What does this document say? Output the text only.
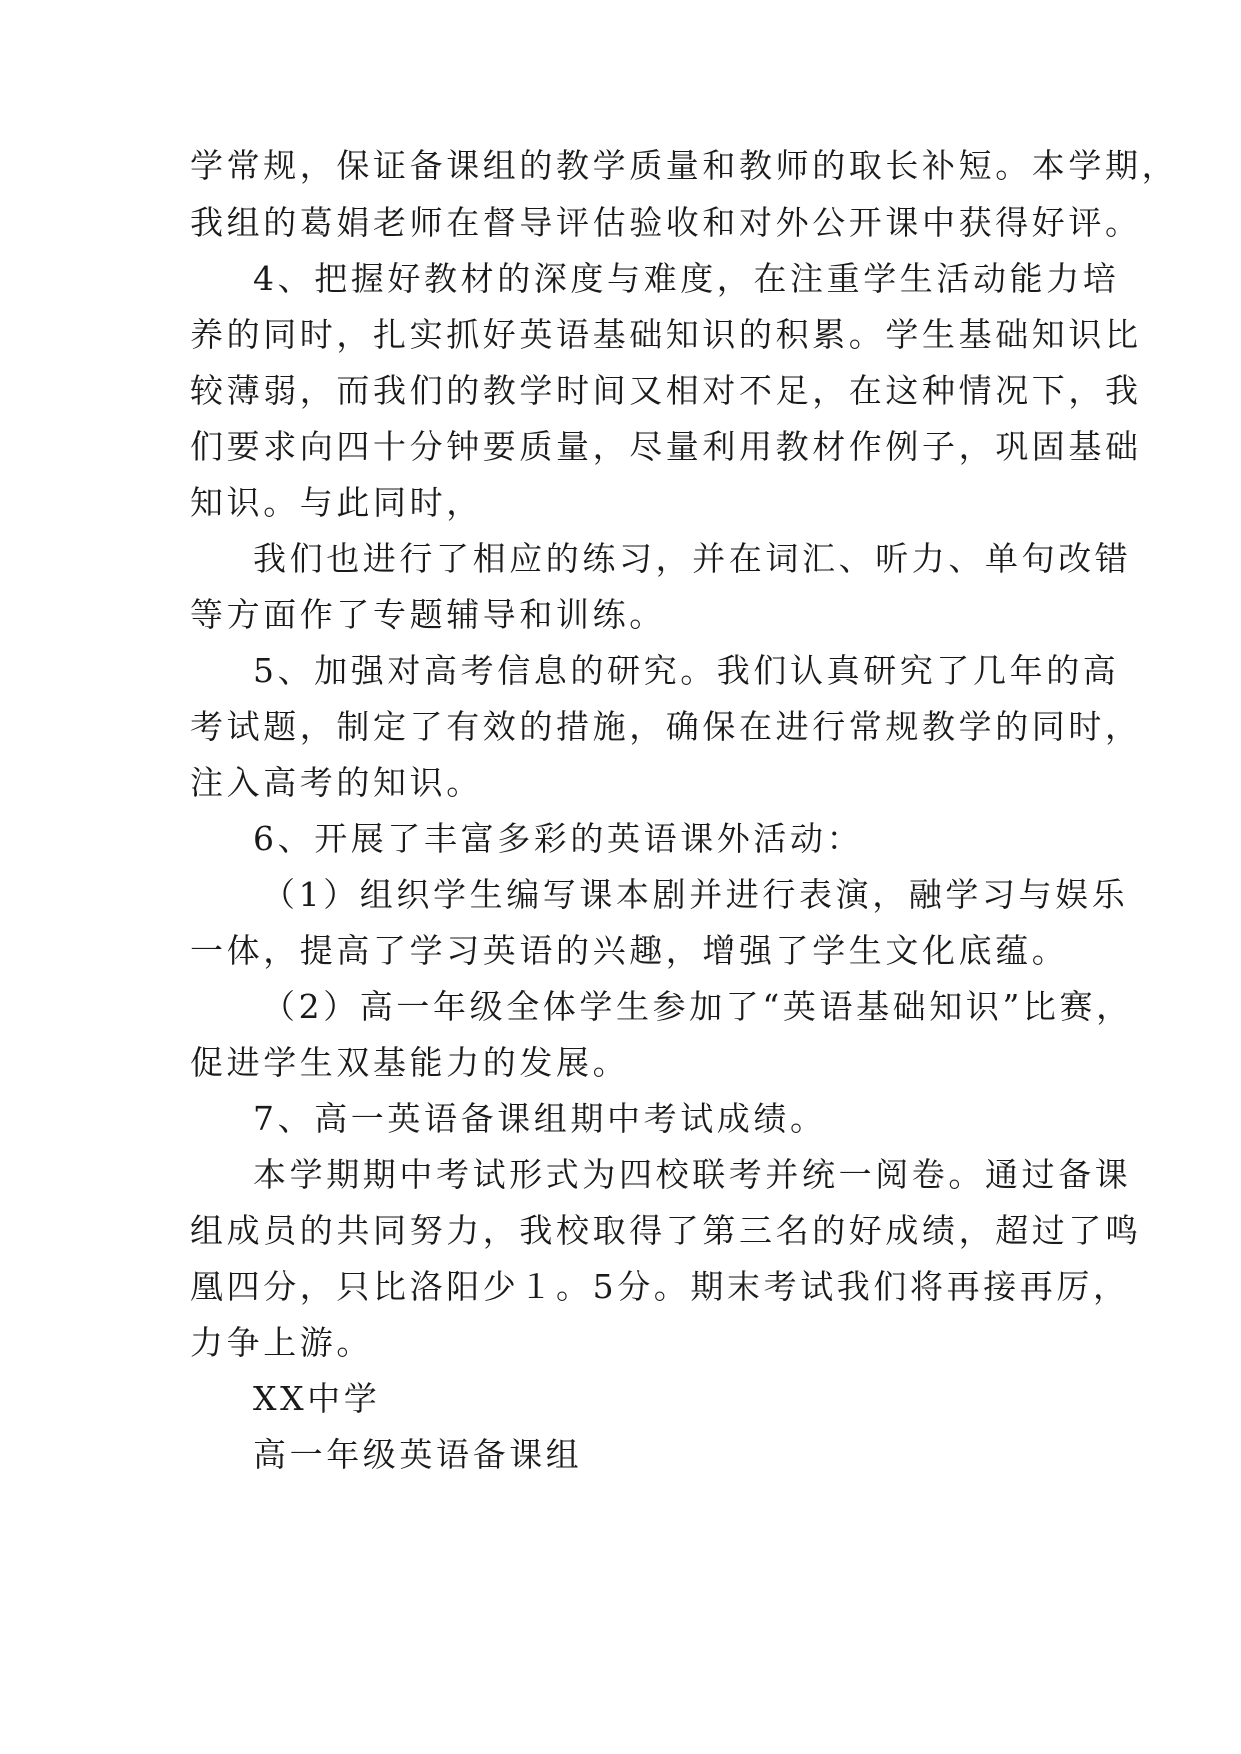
学常规，保证备课组的教学质量和教师的取长补短。本学期，
我组的葛娟老师在督导评估验收和对外公开课中获得好评。
4、把握好教材的深度与难度，在注重学生活动能力培
养的同时，扎实抓好英语基础知识的积累。学生基础知识比
较薄弱，而我们的教学时间又相对不足，在这种情况下，我
们要求向四十分钟要质量，尽量利用教材作例子，巩固基础
知识。与此同时，
我们也进行了相应的练习，并在词汇、听力、单句改错
等方面作了专题辅导和训练。
5、加强对高考信息的研究。我们认真研究了几年的高
考试题，制定了有效的措施，确保在进行常规教学的同时，
注入高考的知识。
6、开展了丰富多彩的英语课外活动：
（1）组织学生编写课本剧并进行表演，融学习与娱乐
一体，提高了学习英语的兴趣，增强了学生文化底蕴。
（2）高一年级全体学生参加了“英语基础知识”比赛，
促进学生双基能力的发展。
7、高一英语备课组期中考试成绩。
本学期期中考试形式为四校联考并统一阅卷。通过备课
组成员的共同努力，我校取得了第三名的好成绩，超过了鸣
凰四分，只比洛阳少１。5分。期末考试我们将再接再厉，
力争上游。
XX中学
高一年级英语备课组
